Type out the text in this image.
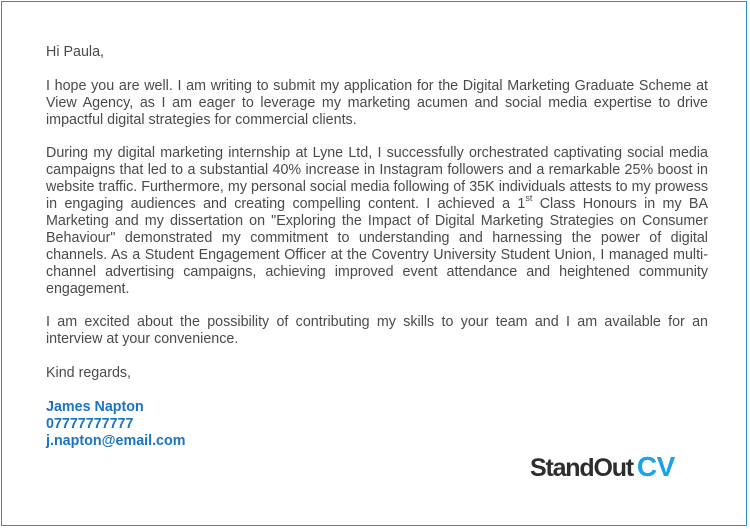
Hi Paula,

I hope you are well. I am writing to submit my application for the Digital Marketing Graduate Scheme at View Agency, as I am eager to leverage my marketing acumen and social media expertise to drive impactful digital strategies for commercial clients.

During my digital marketing internship at Lyne Ltd, I successfully orchestrated captivating social media campaigns that led to a substantial 40% increase in Instagram followers and a remarkable 25% boost in website traffic. Furthermore, my personal social media following of 35K individuals attests to my prowess in engaging audiences and creating compelling content. I achieved a 1st Class Honours in my BA Marketing and my dissertation on "Exploring the Impact of Digital Marketing Strategies on Consumer Behaviour" demonstrated my commitment to understanding and harnessing the power of digital channels. As a Student Engagement Officer at the Coventry University Student Union, I managed multi-channel advertising campaigns, achieving improved event attendance and heightened community engagement.

I am excited about the possibility of contributing my skills to your team and I am available for an interview at your convenience.

Kind regards,

James Napton
07777777777
j.napton@email.com
StandOut CV
